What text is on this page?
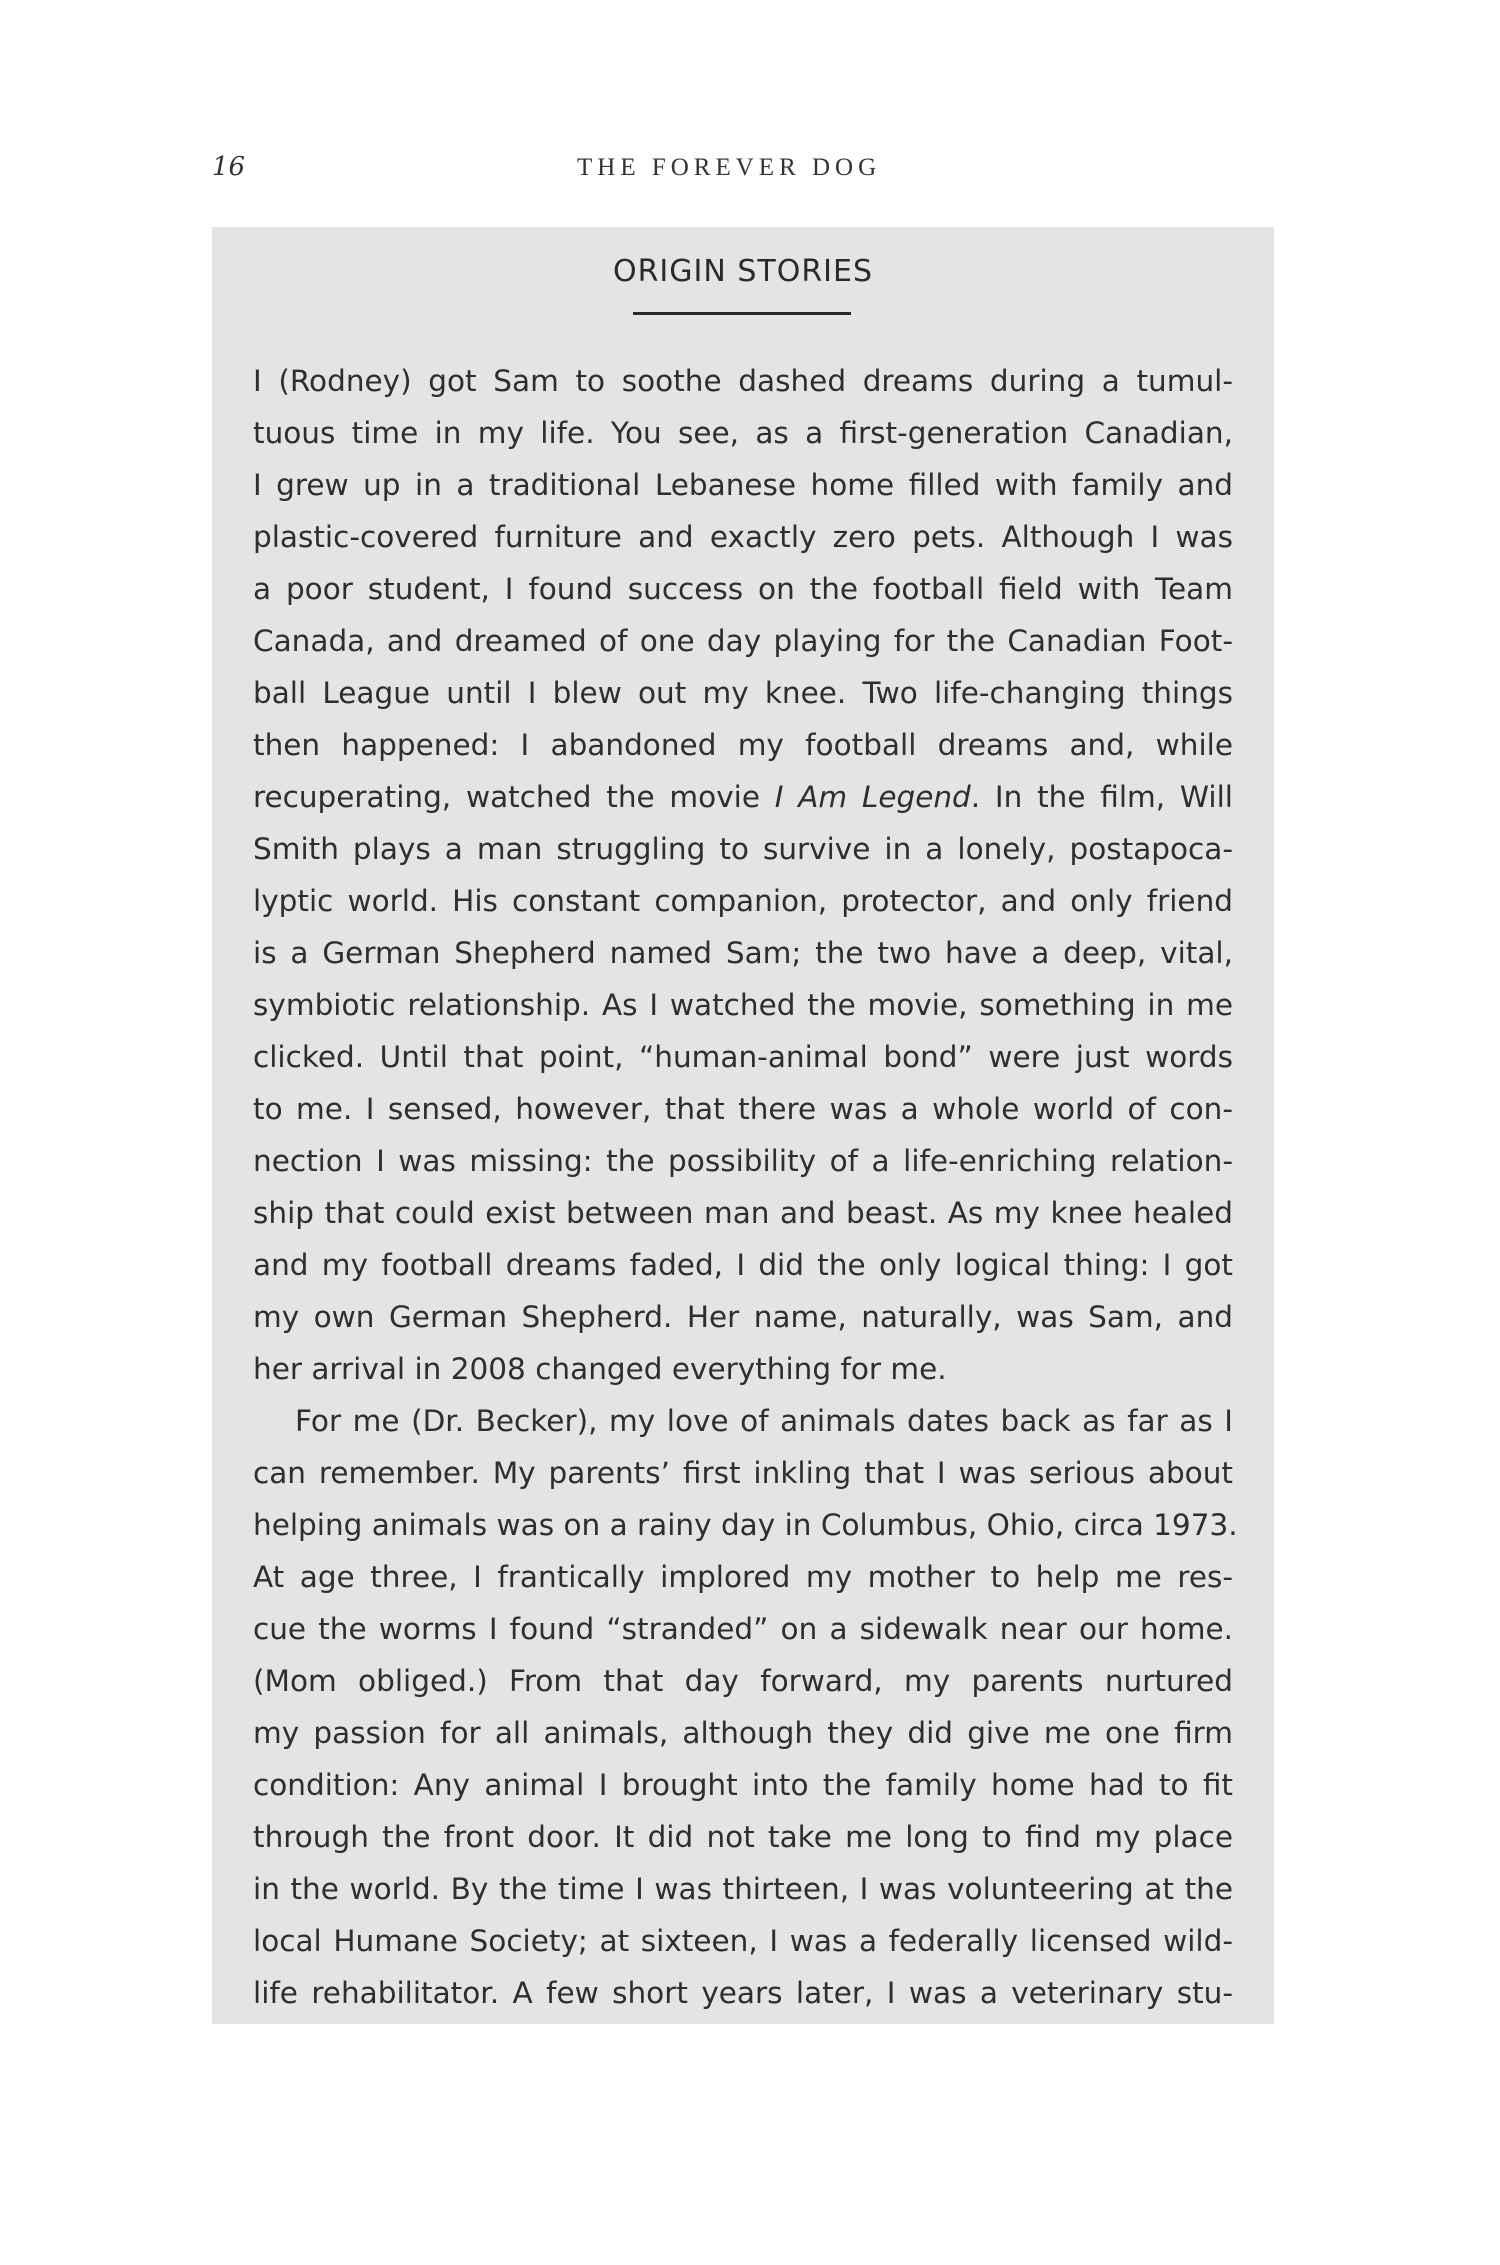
16	THE FOREVER DOG
ORIGIN STORIES
I (Rodney) got Sam to soothe dashed dreams during a tumul-
tuous time in my life. You see, as a first-generation Canadian,
I grew up in a traditional Lebanese home filled with family and
plastic-covered furniture and exactly zero pets. Although I was
a poor student, I found success on the football field with Team
Canada, and dreamed of one day playing for the Canadian Foot-
ball League until I blew out my knee. Two life-changing things
then happened: I abandoned my football dreams and, while
recuperating, watched the movie I Am Legend. In the film, Will
Smith plays a man struggling to survive in a lonely, postapoca-
lyptic world. His constant companion, protector, and only friend
is a German Shepherd named Sam; the two have a deep, vital,
symbiotic relationship. As I watched the movie, something in me
clicked. Until that point, “human-animal bond” were just words
to me. I sensed, however, that there was a whole world of con-
nection I was missing: the possibility of a life-enriching relation-
ship that could exist between man and beast. As my knee healed
and my football dreams faded, I did the only logical thing: I got
my own German Shepherd. Her name, naturally, was Sam, and
her arrival in 2008 changed everything for me.
For me (Dr. Becker), my love of animals dates back as far as I
can remember. My parents’ first inkling that I was serious about
helping animals was on a rainy day in Columbus, Ohio, circa 1973.
At age three, I frantically implored my mother to help me res-
cue the worms I found “stranded” on a sidewalk near our home.
(Mom obliged.) From that day forward, my parents nurtured
my passion for all animals, although they did give me one firm
condition: Any animal I brought into the family home had to fit
through the front door. It did not take me long to find my place
in the world. By the time I was thirteen, I was volunteering at the
local Humane Society; at sixteen, I was a federally licensed wild-
life rehabilitator. A few short years later, I was a veterinary stu-
